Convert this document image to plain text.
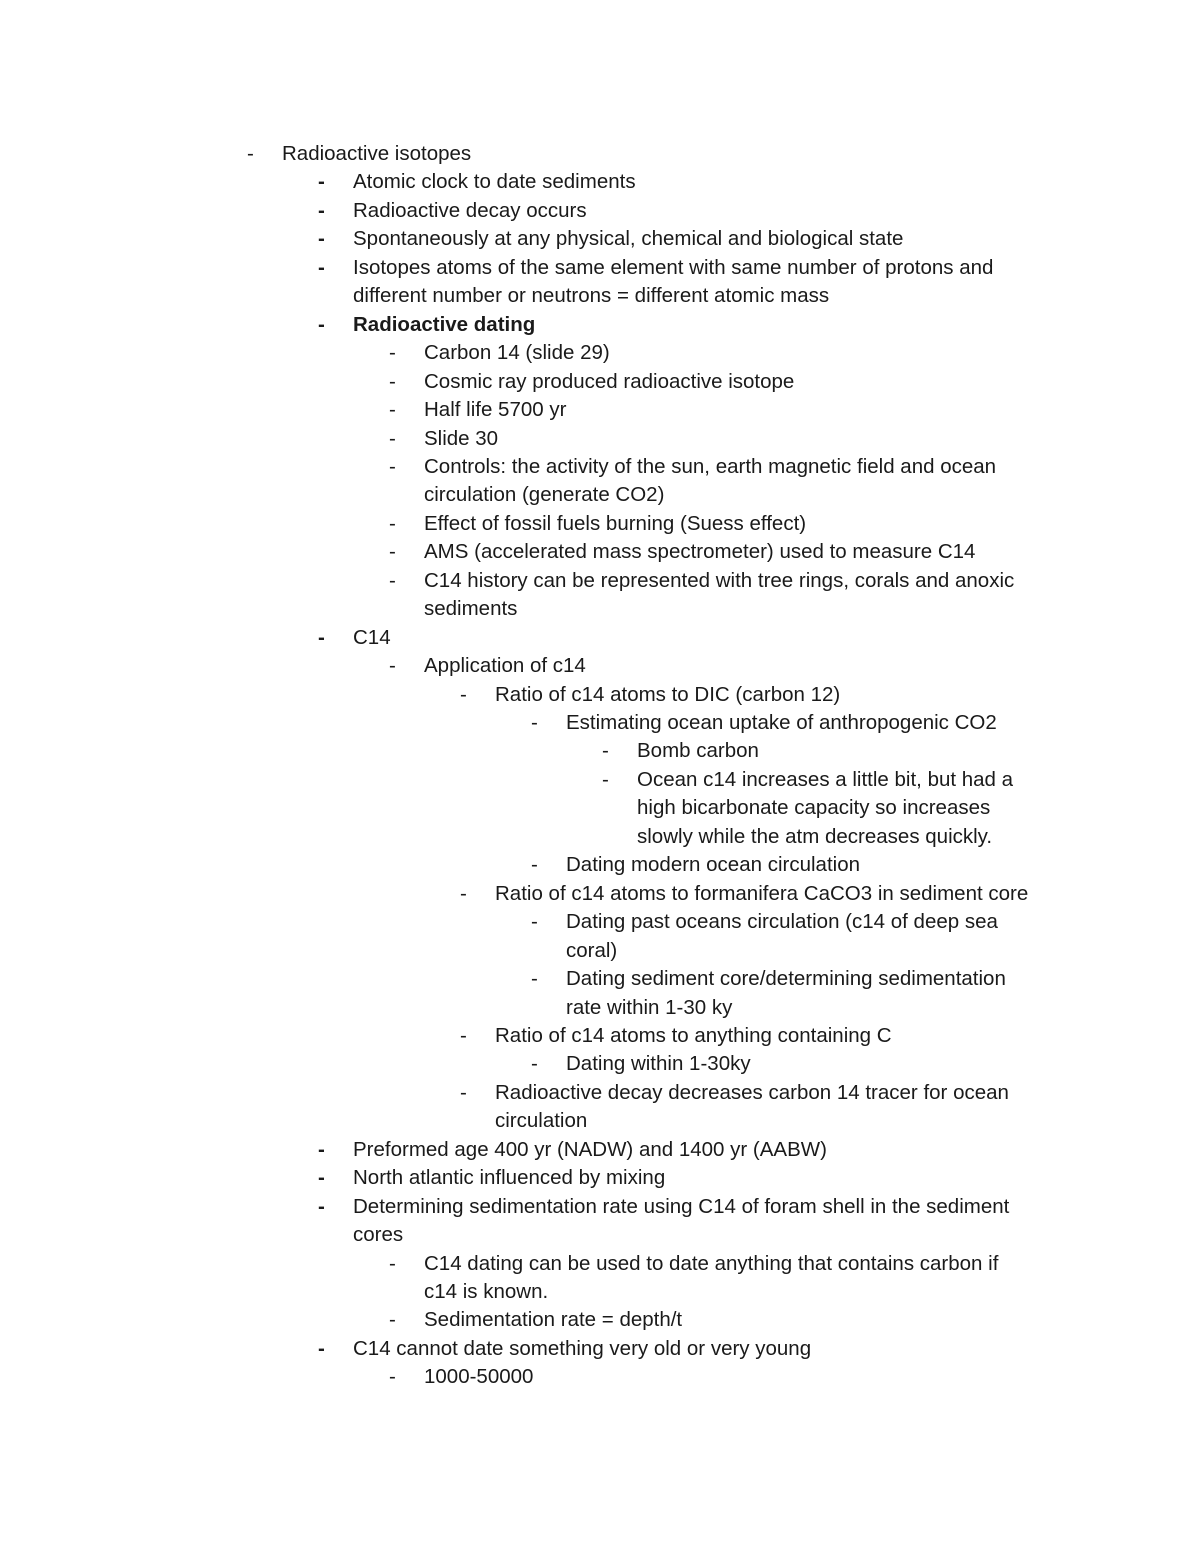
-	Radioactive isotopes
-	Atomic clock to date sediments
-	Radioactive decay occurs
-	Spontaneously at any physical, chemical and biological state
-	Isotopes atoms of the same element with same number of protons and
different number or neutrons = different atomic mass
-	Radioactive dating
-	Carbon 14 (slide 29)
-	Cosmic ray produced radioactive isotope
-	Half life 5700 yr
-	Slide 30
-	Controls: the activity of the sun, earth magnetic field and ocean
circulation (generate CO2)
-	Effect of fossil fuels burning (Suess effect)
-	AMS (accelerated mass spectrometer) used to measure C14
-	C14 history can be represented with tree rings, corals and anoxic
sediments
-	C14
-	Application of c14
-	Ratio of c14 atoms to DIC (carbon 12)
-	Estimating ocean uptake of anthropogenic CO2
-	Bomb carbon
-	Ocean c14 increases a little bit, but had a
high bicarbonate capacity so increases
slowly while the atm decreases quickly.
-	Dating modern ocean circulation
-	Ratio of c14 atoms to formanifera CaCO3 in sediment core
-	Dating past oceans circulation (c14 of deep sea
coral)
-	Dating sediment core/determining sedimentation
rate within 1-30 ky
-	Ratio of c14 atoms to anything containing C
-	Dating within 1-30ky
-	Radioactive decay decreases carbon 14 tracer for ocean
circulation
-	Preformed age 400 yr (NADW) and 1400 yr (AABW)
-	North atlantic influenced by mixing
-	Determining sedimentation rate using C14 of foram shell in the sediment
cores
-	C14 dating can be used to date anything that contains carbon if
c14 is known.
-	Sedimentation rate = depth/t
-	C14 cannot date something very old or very young
-	1000-50000
